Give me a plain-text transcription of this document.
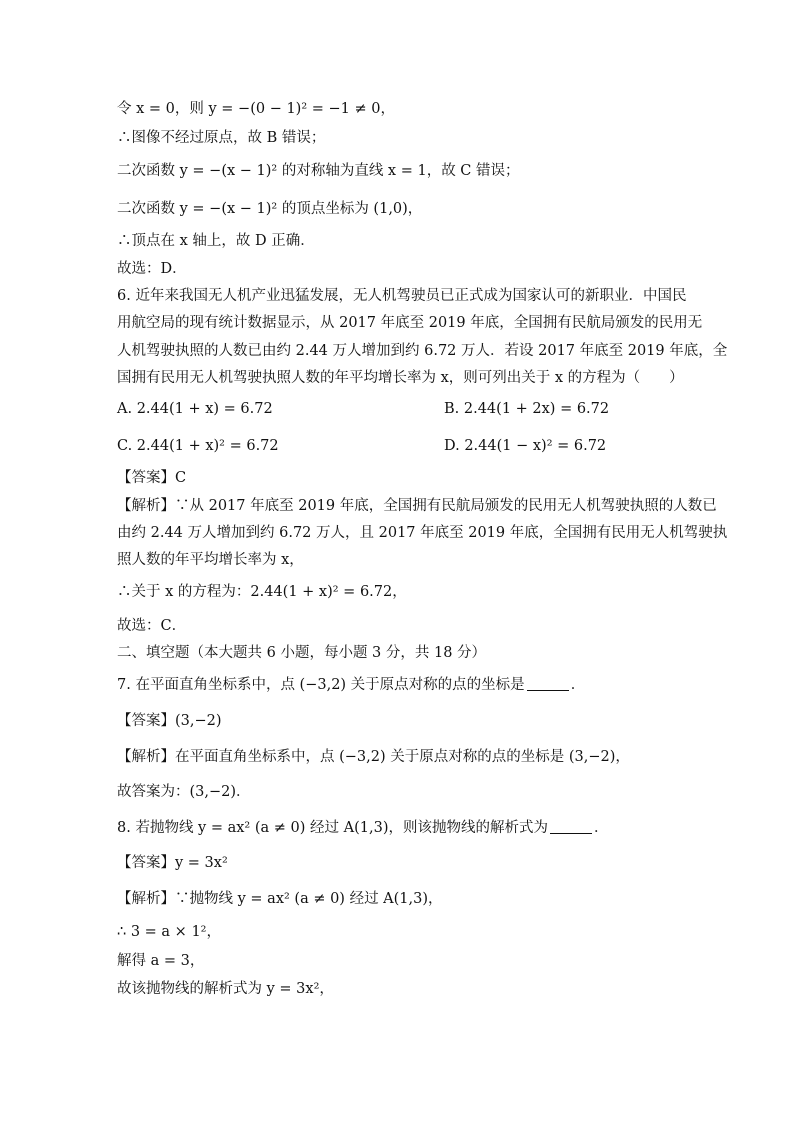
令 x = 0，则 y = −(0 − 1)² = −1 ≠ 0，
∴图像不经过原点，故 B 错误；
二次函数 y = −(x − 1)² 的对称轴为直线 x = 1，故 C 错误；
二次函数 y = −(x − 1)² 的顶点坐标为 (1,0)，
∴顶点在 x 轴上，故 D 正确．
故选：D．
6. 近年来我国无人机产业迅猛发展，无人机驾驶员已正式成为国家认可的新职业．中国民
用航空局的现有统计数据显示，从 2017 年底至 2019 年底，全国拥有民航局颁发的民用无
人机驾驶执照的人数已由约 2.44 万人增加到约 6.72 万人．若设 2017 年底至 2019 年底，全
国拥有民用无人机驾驶执照人数的年平均增长率为 x，则可列出关于 x 的方程为（　　）
A. 2.44(1 + x) = 6.72	B. 2.44(1 + 2x) = 6.72
C. 2.44(1 + x)² = 6.72	D. 2.44(1 − x)² = 6.72
【答案】C
【解析】∵从 2017 年底至 2019 年底，全国拥有民航局颁发的民用无人机驾驶执照的人数已
由约 2.44 万人增加到约 6.72 万人，且 2017 年底至 2019 年底，全国拥有民用无人机驾驶执
照人数的年平均增长率为 x，
∴关于 x 的方程为：2.44(1 + x)² = 6.72，
故选：C．
二、填空题（本大题共 6 小题，每小题 3 分，共 18 分）
7. 在平面直角坐标系中，点 (−3,2) 关于原点对称的点的坐标是	．
【答案】(3,−2)
【解析】在平面直角坐标系中，点 (−3,2) 关于原点对称的点的坐标是 (3,−2)，
故答案为：(3,−2)．
8. 若抛物线 y = ax² (a ≠ 0) 经过 A(1,3)，则该抛物线的解析式为	．
【答案】y = 3x²
【解析】∵抛物线 y = ax² (a ≠ 0) 经过 A(1,3)，
∴ 3 = a × 1²，
解得 a = 3，
故该抛物线的解析式为 y = 3x²，
